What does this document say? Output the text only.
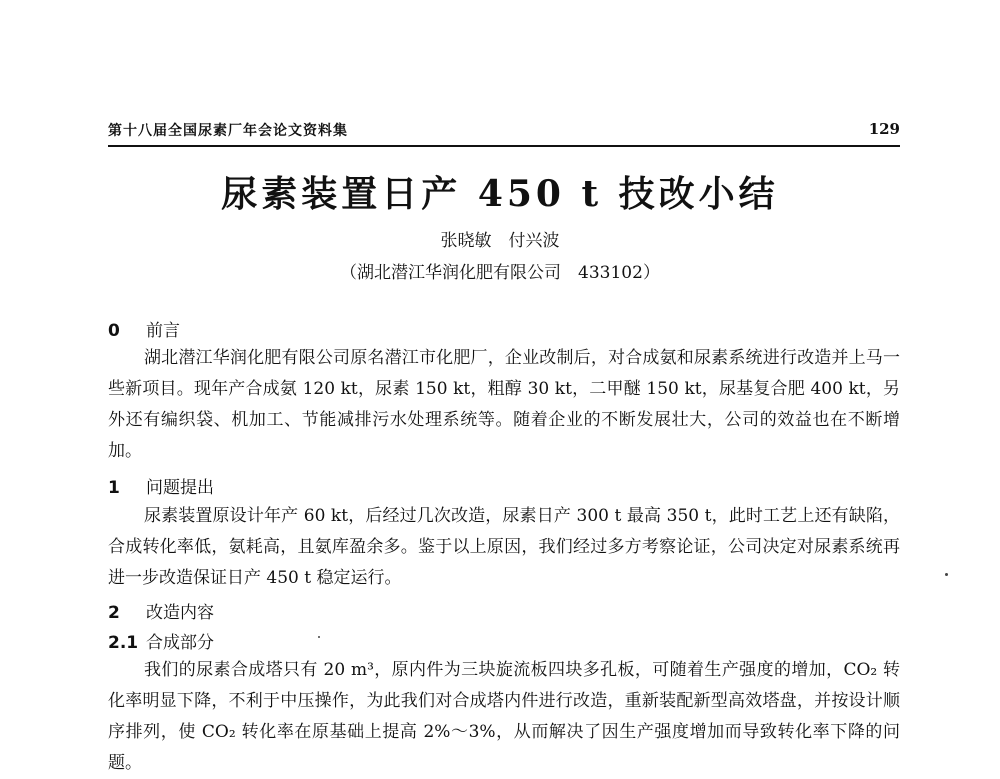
第十八届全国尿素厂年会论文资料集	129
尿素装置日产 450 t 技改小结
张晓敏　付兴波
（湖北潜江华润化肥有限公司　433102）
0 前言

湖北潜江华润化肥有限公司原名潜江市化肥厂，企业改制后，对合成氨和尿素系统进行改造并上马一些新项目。现年产合成氨 120 kt，尿素 150 kt，粗醇 30 kt，二甲醚 150 kt，尿基复合肥 400 kt，另外还有编织袋、机加工、节能减排污水处理系统等。随着企业的不断发展壮大，公司的效益也在不断增加。

1 问题提出

尿素装置原设计年产 60 kt，后经过几次改造，尿素日产 300 t 最高 350 t，此时工艺上还有缺陷，合成转化率低，氨耗高，且氨库盈余多。鉴于以上原因，我们经过多方考察论证，公司决定对尿素系统再进一步改造保证日产 450 t 稳定运行。

2 改造内容
2.1 合成部分

我们的尿素合成塔只有 20 m³，原内件为三块旋流板四块多孔板，可随着生产强度的增加，CO₂ 转化率明显下降，不利于中压操作，为此我们对合成塔内件进行改造，重新装配新型高效塔盘，并按设计顺序排列，使 CO₂ 转化率在原基础上提高 2%～3%，从而解决了因生产强度增加而导致转化率下降的问题。
